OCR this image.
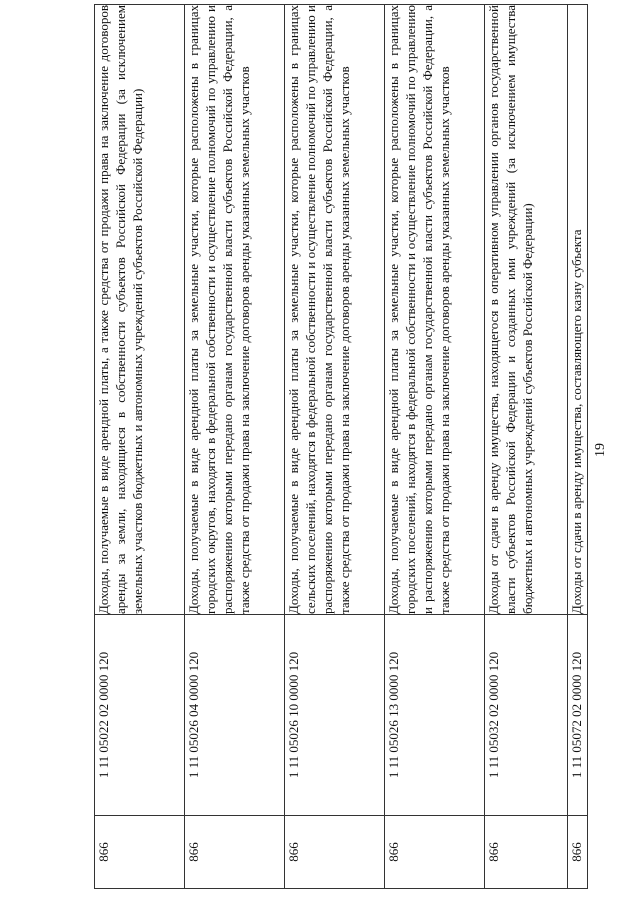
19
866	1 11 05022 02 0000 120	Доходы, получаемые в виде арендной платы, а также средства от продажи права на заключение договоров аренды за земли, находящиеся в собственности субъектов Российской Федерации (за исключением земельных участков бюджетных и автономных учреждений субъектов Российской Федерации)

866	1 11 05026 04 0000 120	Доходы, получаемые в виде арендной платы за земельные участки, которые расположены в границах городских округов, находятся в федеральной собственности и осуществление полномочий по управлению и распоряжению которыми передано органам государственной власти субъектов Российской Федерации, а также средства от продажи права на заключение договоров аренды указанных земельных участков

866	1 11 05026 10 0000 120	Доходы, получаемые в виде арендной платы за земельные участки, которые расположены в границах сельских поселений, находятся в федеральной собственности и осуществление полномочий по управлению и распоряжению которыми передано органам государственной власти субъектов Российской Федерации, а также средства от продажи права на заключение договоров аренды указанных земельных участков

866	1 11 05026 13 0000 120	Доходы, получаемые в виде арендной платы за земельные участки, которые расположены в границах городских поселений, находятся в федеральной собственности и осуществление полномочий по управлению и распоряжению которыми передано органам государственной власти субъектов Российской Федерации, а также средства от продажи права на заключение договоров аренды указанных земельных участков

866	1 11 05032 02 0000 120	Доходы от сдачи в аренду имущества, находящегося в оперативном управлении органов государственной власти субъектов Российской Федерации и созданных ими учреждений (за исключением имущества бюджетных и автономных учреждений субъектов Российской Федерации)

866	1 11 05072 02 0000 120	Доходы от сдачи в аренду имущества, составляющего казну субъекта
